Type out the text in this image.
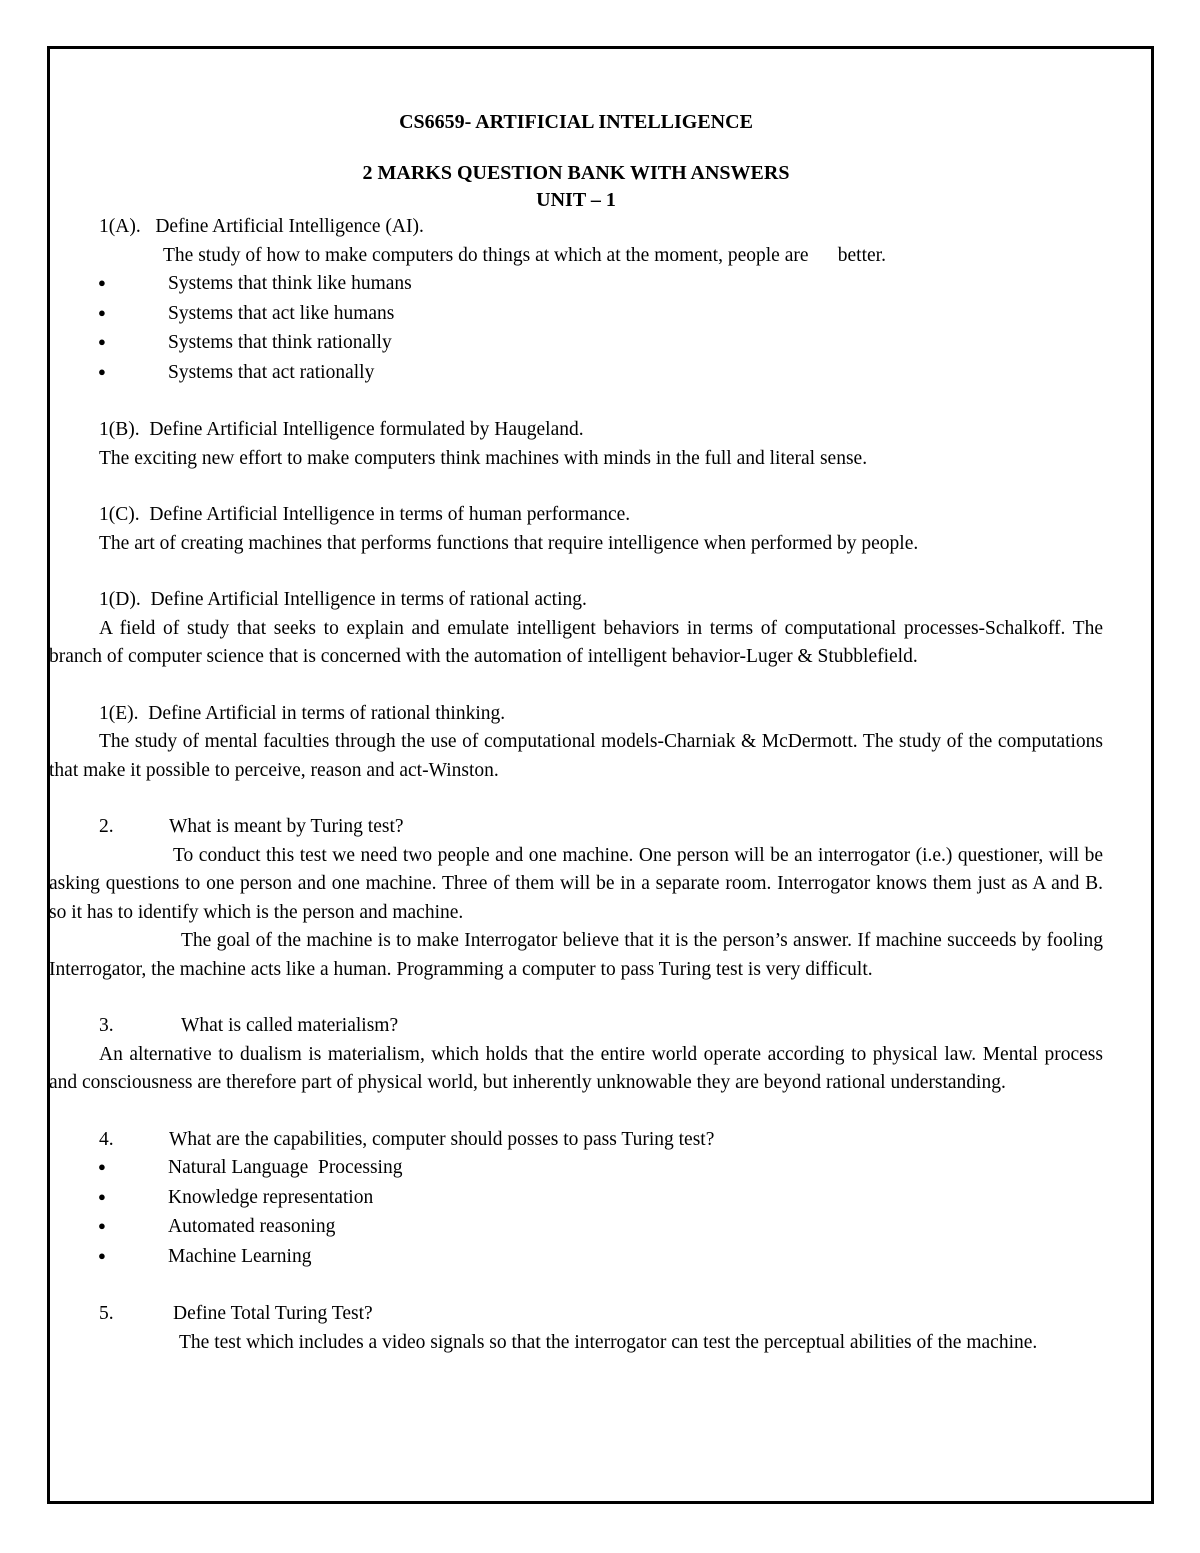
CS6659- ARTIFICIAL INTELLIGENCE
2 MARKS QUESTION BANK WITH ANSWERS
UNIT – 1
1(A).   Define Artificial Intelligence (AI).
The study of how to make computers do things at which at the moment, people are      better.
●
Systems that think like humans
●
Systems that act like humans
●
Systems that think rationally
●
Systems that act rationally
1(B).  Define Artificial Intelligence formulated by Haugeland.
The exciting new effort to make computers think machines with minds in the full and literal sense.
1(C).  Define Artificial Intelligence in terms of human performance.
The art of creating machines that performs functions that require intelligence when performed by people.
1(D).  Define Artificial Intelligence in terms of rational acting.
A field of study that seeks to explain and emulate intelligent behaviors in terms of computational processes-Schalkoff. The branch of computer science that is concerned with the automation of intelligent behavior-Luger & Stubblefield.
1(E).  Define Artificial in terms of rational thinking.
The study of mental faculties through the use of computational models-Charniak & McDermott. The study of the computations that make it possible to perceive, reason and act-Winston.
2.	What is meant by Turing test?
To conduct this test we need two people and one machine. One person will be an interrogator (i.e.) questioner, will be asking questions to one person and one machine. Three of them will be in a separate room. Interrogator knows them just as A and B. so it has to identify which is the person and machine.
The goal of the machine is to make Interrogator believe that it is the person’s answer. If machine succeeds by fooling Interrogator, the machine acts like a human. Programming a computer to pass Turing test is very difficult.
3.	What is called materialism?
An alternative to dualism is materialism, which holds that the entire world operate according to physical law. Mental process and consciousness are therefore part of physical world, but inherently unknowable they are beyond rational understanding.
4.	What are the capabilities, computer should posses to pass Turing test?
●
Natural Language  Processing
●
Knowledge representation
●
Automated reasoning
●
Machine Learning
5.	Define Total Turing Test?
The test which includes a video signals so that the interrogator can test the perceptual abilities of the machine.
